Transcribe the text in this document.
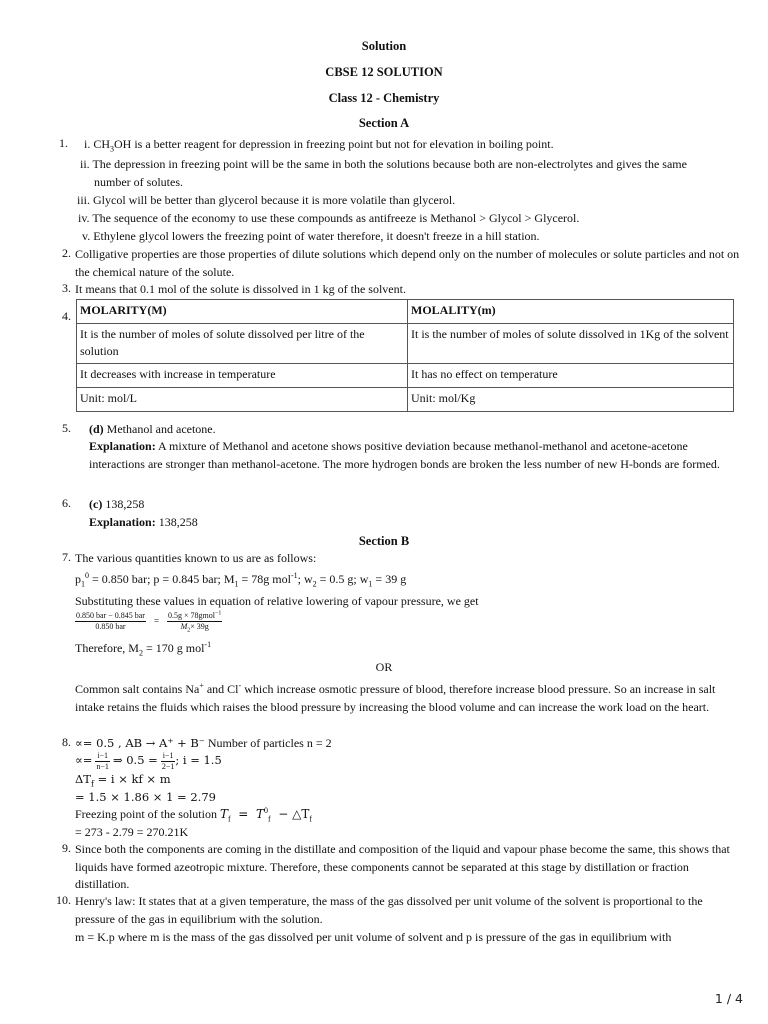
Solution
CBSE 12 SOLUTION
Class 12 - Chemistry
Section A
1. i. $CH_3OH$ is a better reagent for depression in freezing point but not for elevation in boiling point.
ii. The depression in freezing point will be the same in both the solutions because both are non-electrolytes and gives the same
number of solutes.
iii. Glycol will be better than glycerol because it is more volatile than glycerol.
iv. The sequence of the economy to use these compounds as antifreeze is Methanol > Glycol > Glycerol.
v. Ethylene glycol lowers the freezing point of water therefore, it doesn't freeze in a hill station.
2. Colligative properties are those properties of dilute solutions which depend only on the number of molecules or solute particles and not on the chemical nature of the solute.
3. It means that 0.1 mol of the solute is dissolved in 1 kg of the solvent.
4. MOLARITY(M)	MOLALITY(m)
It is the number of moles of solute dissolved per litre of the solution	It is the number of moles of solute dissolved in 1Kg of the solvent
It decreases with increase in temperature	It has no effect on temperature
Unit: mol/L	Unit: mol/Kg
5. (d) Methanol and acetone.
Explanation: A mixture of Methanol and acetone shows positive deviation because methanol-methanol and acetone-acetone interactions are stronger than methanol-acetone. The more hydrogen bonds are broken the less number of new H-bonds are formed.
6. (c) 138,258
Explanation: 138,258
Section B
7. The various quantities known to us are as follows:
$p_1^0 = 0.850$ bar; p = 0.845 bar; $M_1 = 78g$ mol$^{-1}$; $w_2 = 0.5$ g; $w_1 = 39$ g
Substituting these values in equation of relative lowering of vapour pressure, we get
$\frac{\text{0.850 bar − 0.845 bar}}{\text{0.850 bar}} = \frac{0.5g \times 78gmol^{-1}}{M_2\times 39g}$
Therefore, $M_2 = 170$ g mol$^{-1}$
OR
Common salt contains Na+ and Cl- which increase osmotic pressure of blood, therefore increase blood pressure. So an increase in salt intake retains the fluids which raises the blood pressure by increasing the blood volume and can increase the work load on the heart.
8. ∝= 0.5 , AB → A⁺ + B⁻ Number of particles n = 2
∝= $\frac{i-1}{n-1}$ ⇒ $0.5 = \frac{i-1}{2-1}$ ; i = 1.5
$\Delta T_f = i$ × kf × m
= 1.5 × 1.86 × 1 = 2.79
Freezing point of the solution $T_f = T^0_f$  − $\triangle T_f$
= 273 - 2.79 = 270.21K
9. Since both the components are coming in the distillate and composition of the liquid and vapour phase become the same, this shows that liquids have formed azeotropic mixture. Therefore, these components cannot be separated at this stage by distillation or fraction distillation.
10. Henry's law: It states that at a given temperature, the mass of the gas dissolved per unit volume of the solvent is proportional to the pressure of the gas in equilibrium with the solution.
m = K.p where m is the mass of the gas dissolved per unit volume of solvent and p is pressure of the gas in equilibrium with
1 / 4
